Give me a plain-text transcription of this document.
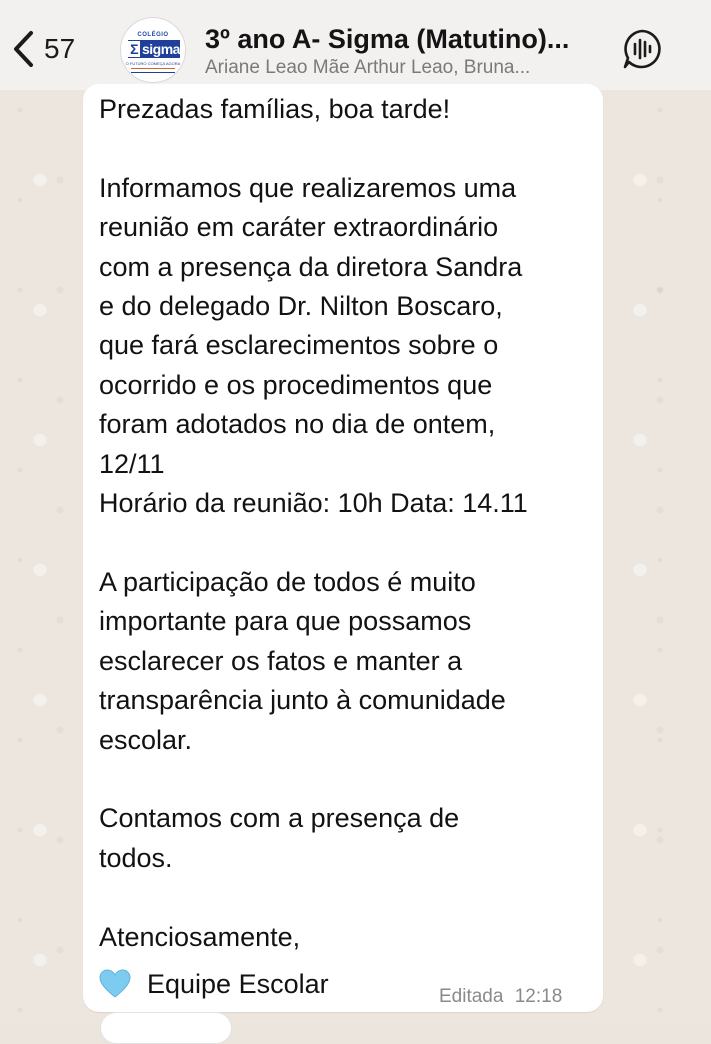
57	COLÉGIO
Σ sigma
O FUTURO COMEÇA AGORA
3º ano A- Sigma (Matutino)...
Ariane Leao Mãe Arthur Leao, Bruna...

Prezadas famílias, boa tarde!

Informamos que realizaremos uma
reunião em caráter extraordinário
com a presença da diretora Sandra
e do delegado Dr. Nilton Boscaro,
que fará esclarecimentos sobre o
ocorrido e os procedimentos que
foram adotados no dia de ontem,
12/11
Horário da reunião: 10h Data: 14.11

A participação de todos é muito
importante para que possamos
esclarecer os fatos e manter a
transparência junto à comunidade
escolar.

Contamos com a presença de
todos.

Atenciosamente,

Equipe Escolar	Editada 12:18
